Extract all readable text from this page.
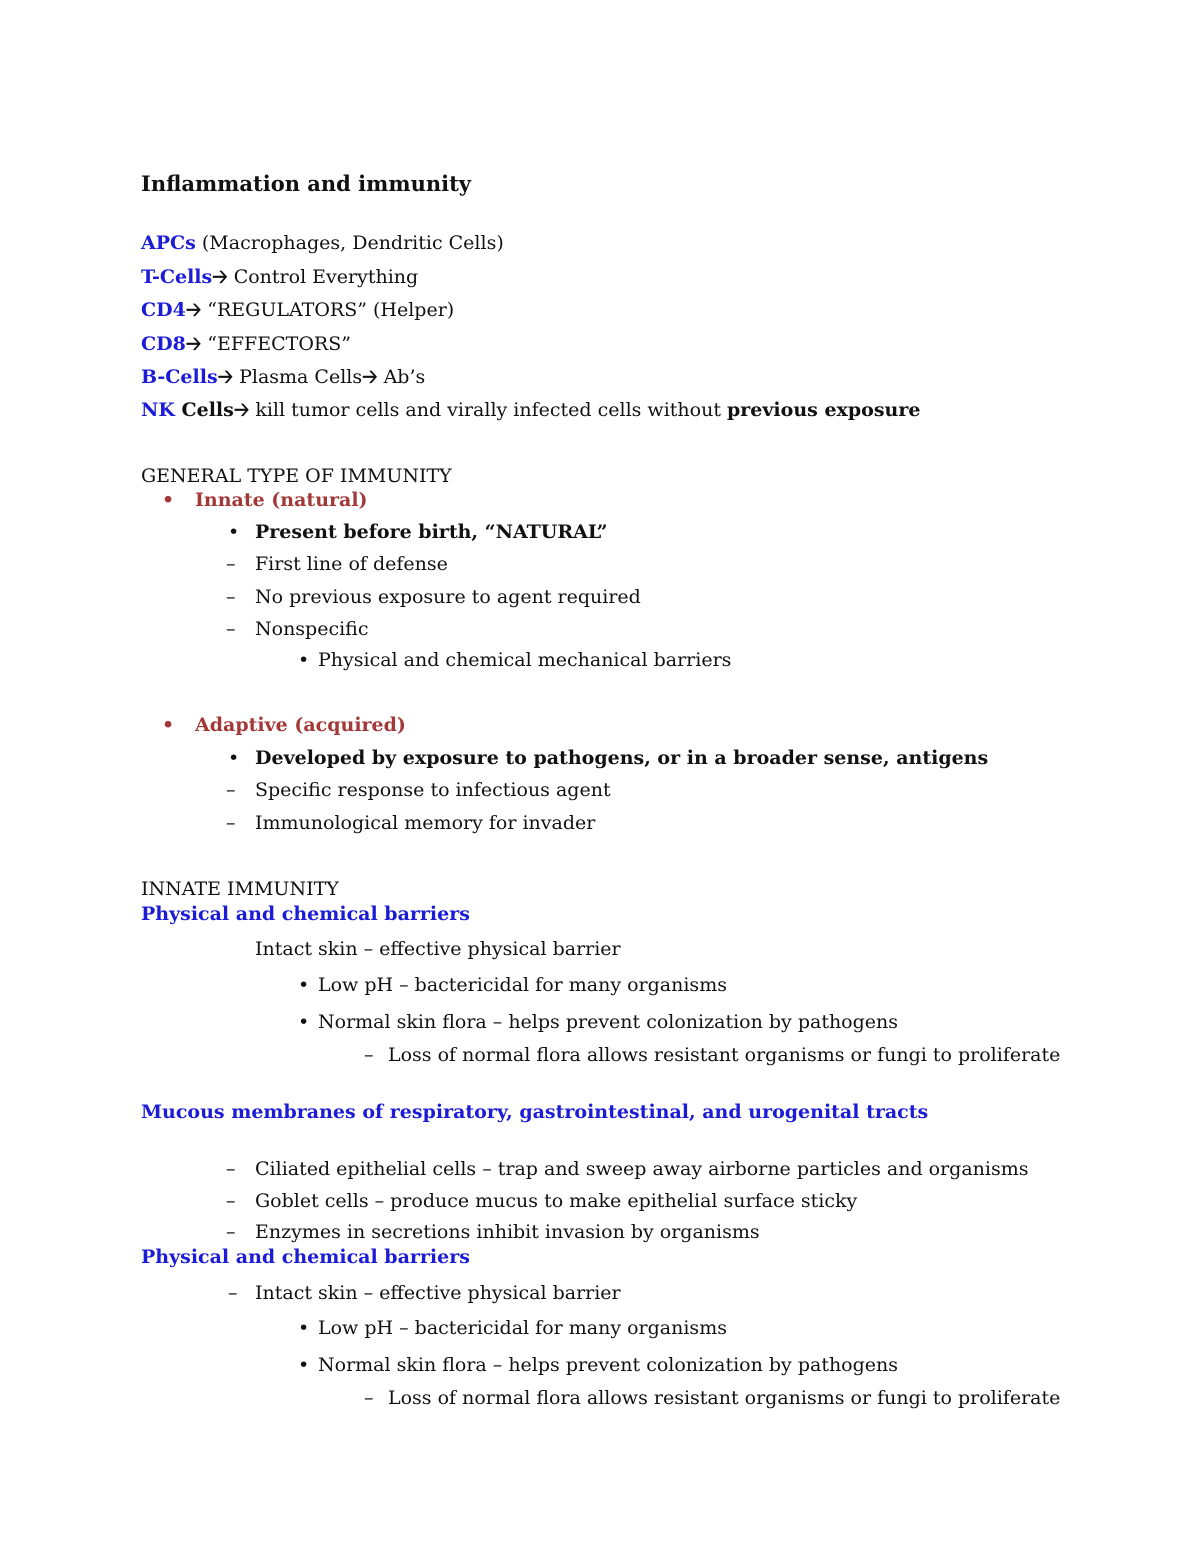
Inflammation and immunity
APCs (Macrophages, Dendritic Cells)
T-Cells🡢 Control Everything
CD4🡢 “REGULATORS” (Helper)
CD8🡢 “EFFECTORS”
B-Cells🡢 Plasma Cells🡢 Ab’s
NK Cells🡢 kill tumor cells and virally infected cells without previous exposure
GENERAL TYPE OF IMMUNITY
• Innate (natural)
• Present before birth, “NATURAL”
– First line of defense
– No previous exposure to agent required
– Nonspecific
• Physical and chemical mechanical barriers
• Adaptive (acquired)
• Developed by exposure to pathogens, or in a broader sense, antigens
– Specific response to infectious agent
– Immunological memory for invader
INNATE IMMUNITY
Physical and chemical barriers
Intact skin – effective physical barrier
• Low pH – bactericidal for many organisms
• Normal skin flora – helps prevent colonization by pathogens
– Loss of normal flora allows resistant organisms or fungi to proliferate
Mucous membranes of respiratory, gastrointestinal, and urogenital tracts
– Ciliated epithelial cells – trap and sweep away airborne particles and organisms
– Goblet cells – produce mucus to make epithelial surface sticky
– Enzymes in secretions inhibit invasion by organisms
Physical and chemical barriers
– Intact skin – effective physical barrier
• Low pH – bactericidal for many organisms
• Normal skin flora – helps prevent colonization by pathogens
– Loss of normal flora allows resistant organisms or fungi to proliferate
